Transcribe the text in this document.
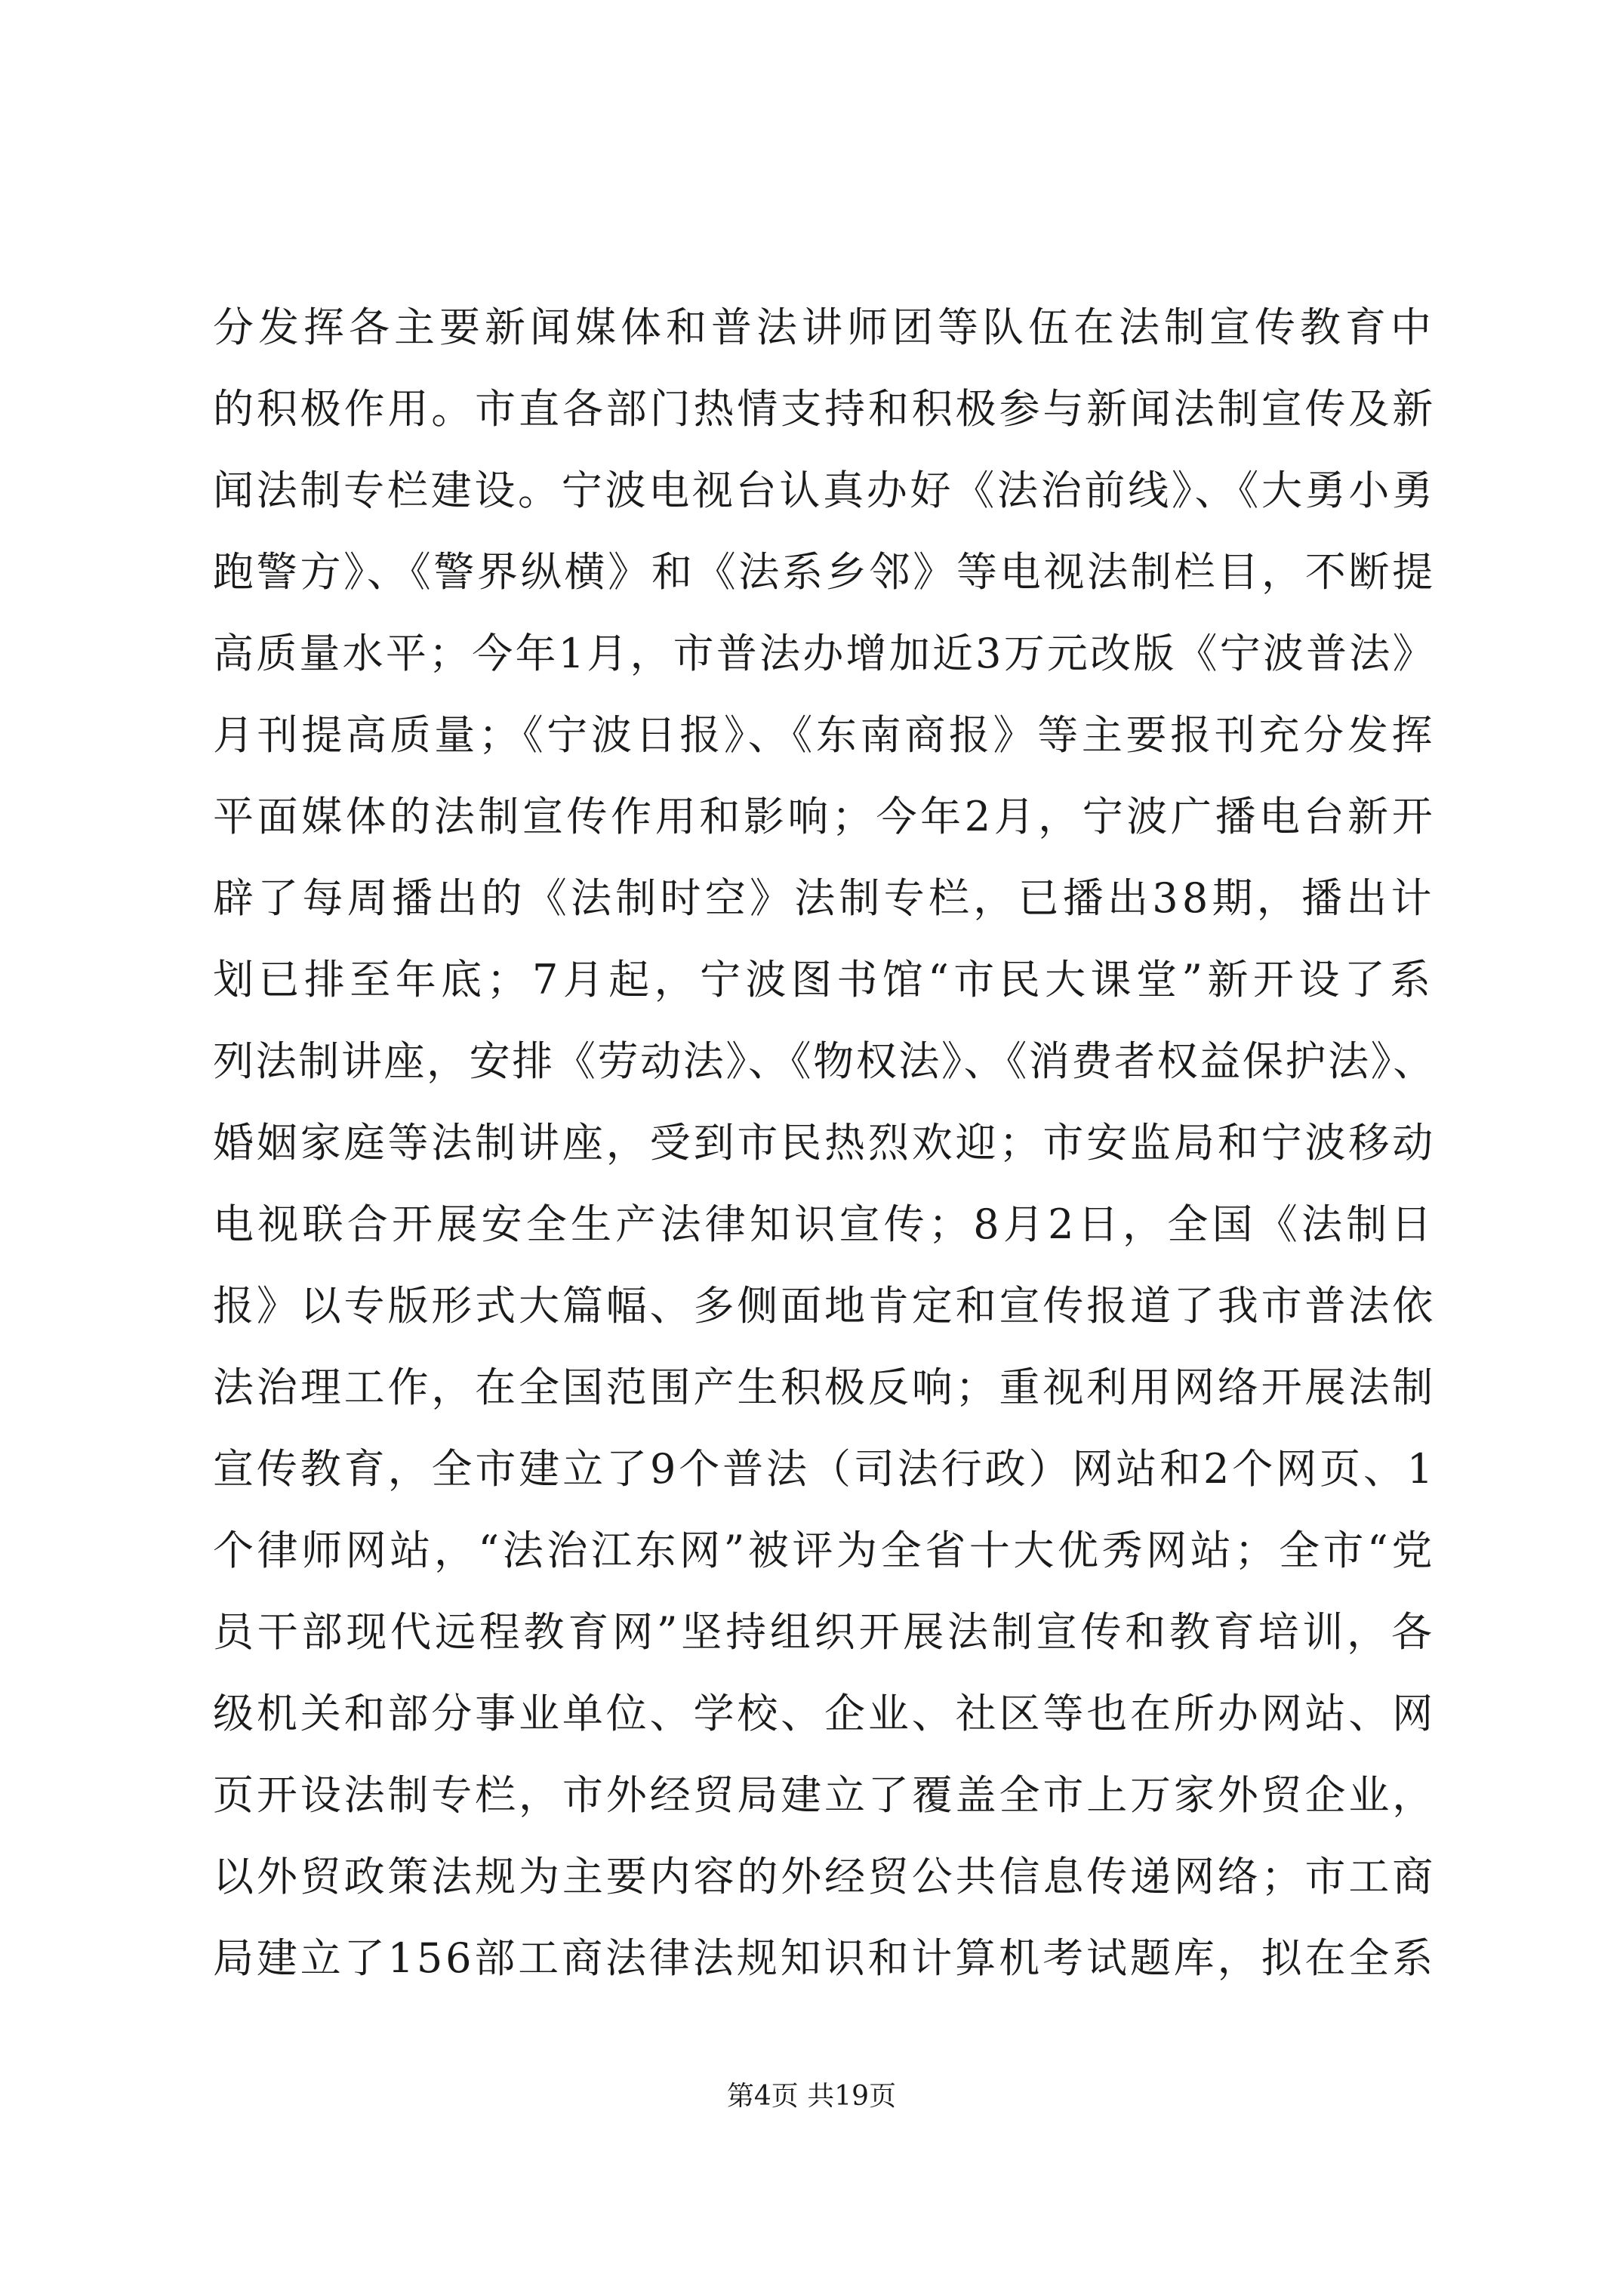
分发挥各主要新闻媒体和普法讲师团等队伍在法制宣传教育中
的积极作用。市直各部门热情支持和积极参与新闻法制宣传及新
闻法制专栏建设。宁波电视台认真办好《法治前线》、《大勇小勇
跑警方》、《警界纵横》和《法系乡邻》等电视法制栏目，不断提
高质量水平；今年1月，市普法办增加近3万元改版《宁波普法》
月刊提高质量；《宁波日报》、《东南商报》等主要报刊充分发挥
平面媒体的法制宣传作用和影响；今年2月，宁波广播电台新开
辟了每周播出的《法制时空》法制专栏，已播出38期，播出计
划已排至年底；7月起，宁波图书馆“市民大课堂”新开设了系
列法制讲座，安排《劳动法》、《物权法》、《消费者权益保护法》、
婚姻家庭等法制讲座，受到市民热烈欢迎；市安监局和宁波移动
电视联合开展安全生产法律知识宣传；8月2日，全国《法制日
报》以专版形式大篇幅、多侧面地肯定和宣传报道了我市普法依
法治理工作，在全国范围产生积极反响；重视利用网络开展法制
宣传教育，全市建立了9个普法（司法行政）网站和2个网页、1
个律师网站，“法治江东网”被评为全省十大优秀网站；全市“党
员干部现代远程教育网”坚持组织开展法制宣传和教育培训，各
级机关和部分事业单位、学校、企业、社区等也在所办网站、网
页开设法制专栏，市外经贸局建立了覆盖全市上万家外贸企业，
以外贸政策法规为主要内容的外经贸公共信息传递网络；市工商
局建立了156部工商法律法规知识和计算机考试题库，拟在全系
第4页 共19页
